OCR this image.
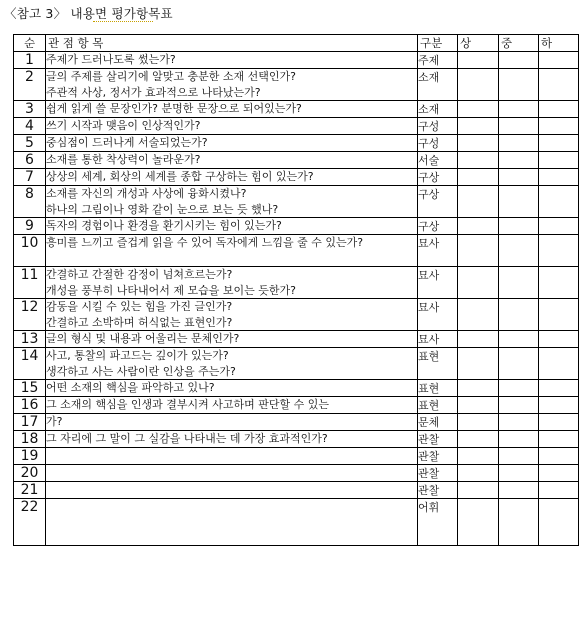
〈참고 3〉 내용면 평가항목표
순	관 점 항 목	구분	상	중	하
1	주제가 드러나도록 썼는가?	주제			
2	글의 주제를 살리기에 알맞고 충분한 소재 선택인가?
주관적 사상, 정서가 효과적으로 나타났는가?	소재			
3	쉽게 읽게 쓸 문장인가? 분명한 문장으로 되어있는가?	소재			
4	쓰기 시작과 맺음이 인상적인가?	구성			
5	중심점이 드러나게 서술되었는가?	구성			
6	소재를 통한 착상력이 놀라운가?	서술			
7	상상의 세계, 회상의 세계를 종합 구상하는 힘이 있는가?	구상			
8	소재를 자신의 개성과 사상에 융화시켰나?
하나의 그림이나 영화 같이 눈으로 보는 듯 했나?	구상			
9	독자의 경험이나 환경을 환기시키는 힘이 있는가?	구상			
10	흥미를 느끼고 즐겁게 읽을 수 있어 독자에게 느낌을 줄 수 있는가?	묘사			
11	간결하고 간절한 감정이 넘쳐흐르는가?
개성을 풍부히 나타내어서 제 모습을 보이는 듯한가?	묘사			
12	감동을 시킬 수 있는 힘을 가진 글인가?
간결하고 소박하며 허식없는 표현인가?	묘사			
13	글의 형식 및 내용과 어울리는 문체인가?	묘사			
14	사고, 통찰의 파고드는 깊이가 있는가?
생각하고 사는 사람이란 인상을 주는가?	표현			
15	어떤 소재의 핵심을 파악하고 있나?	표현			
16	그 소재의 핵심을 인생과 결부시켜 사고하며 판단할 수 있는	표현			
17	가?	문체			
18	그 자리에 그 말이 그 실감을 나타내는 데 가장 효과적인가?	관찰			
19		관찰			
20		관찰			
21		관찰			
22		어휘			
